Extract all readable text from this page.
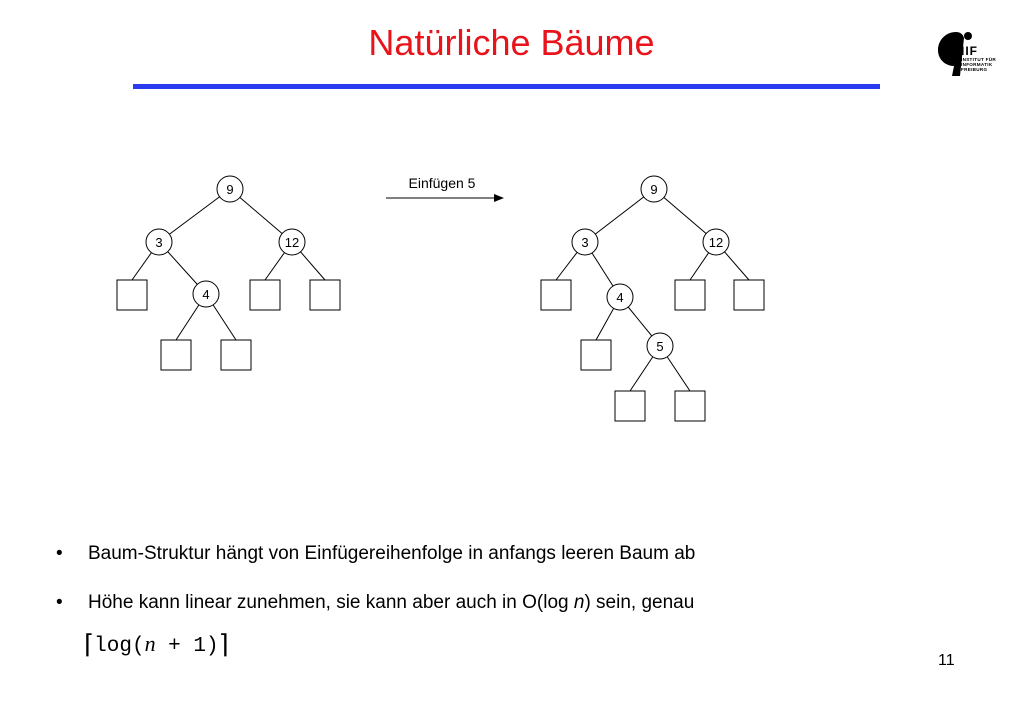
Natürliche Bäume	IIF
INSTITUT FÜR
INFORMATIK
FREIBURG
9
3	12
4
9
3	12
4
5
Einfügen 5
• Baum-Struktur hängt von Einfügereihenfolge in anfangs leeren Baum ab
• Höhe kann linear zunehmen, sie kann aber auch in O(log n) sein, genau
⌈log(n + 1)⌉
11
